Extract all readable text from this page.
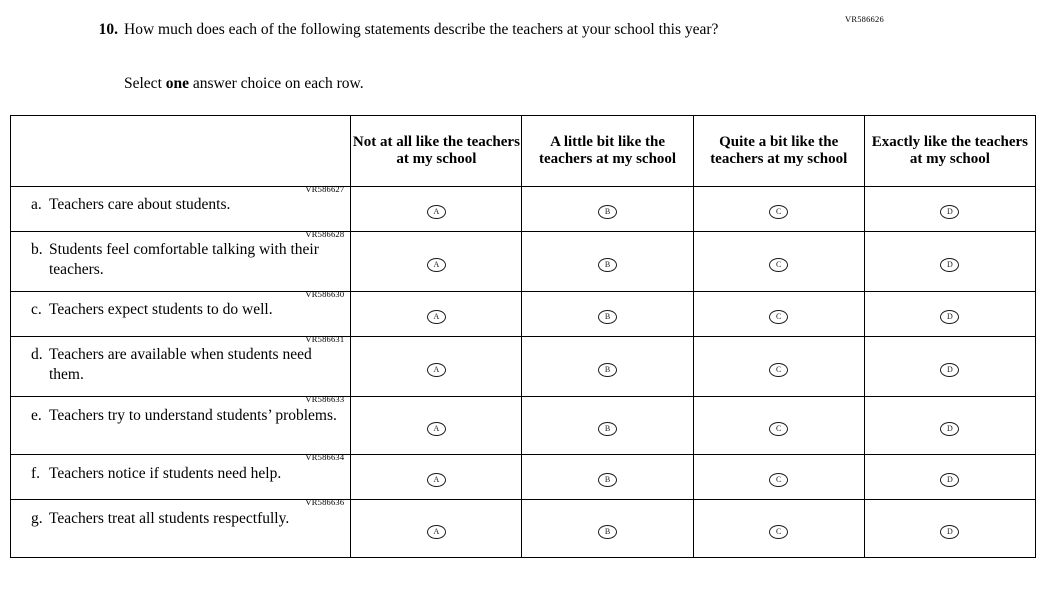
VR586626
10. How much does each of the following statements describe the teachers at your school this year?
Select one answer choice on each row.
	Not at all like the teachers at my school	A little bit like the teachers at my school	Quite a bit like the teachers at my school	Exactly like the teachers at my school

VR586627
a. Teachers care about students.	A	B	C	D

VR586628
b. Students feel comfortable talking with their teachers.	A	B	C	D

VR586630
c. Teachers expect students to do well.	A	B	C	D

VR586631
d. Teachers are available when students need them.	A	B	C	D

VR586633
e. Teachers try to understand students’ problems.	A	B	C	D

VR586634
f. Teachers notice if students need help.	A	B	C	D

VR586636
g. Teachers treat all students respectfully.	A	B	C	D
